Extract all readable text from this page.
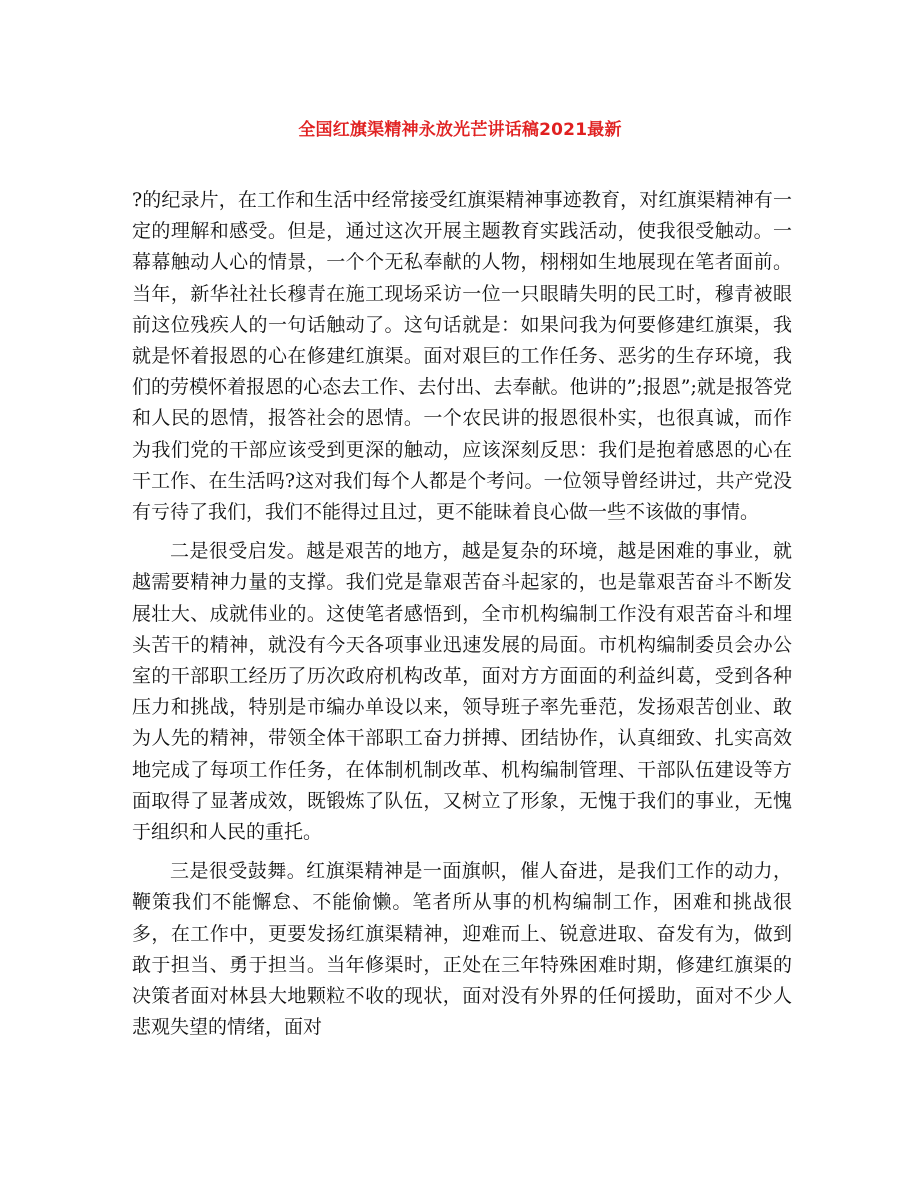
全国红旗渠精神永放光芒讲话稿2021最新

?的纪录片，在工作和生活中经常接受红旗渠精神事迹教育，对红旗渠精神有一定的理解和感受。但是，通过这次开展主题教育实践活动，使我很受触动。一幕幕触动人心的情景，一个个无私奉献的人物，栩栩如生地展现在笔者面前。当年，新华社社长穆青在施工现场采访一位一只眼睛失明的民工时，穆青被眼前这位残疾人的一句话触动了。这句话就是：如果问我为何要修建红旗渠，我就是怀着报恩的心在修建红旗渠。面对艰巨的工作任务、恶劣的生存环境，我们的劳模怀着报恩的心态去工作、去付出、去奉献。他讲的”;报恩”;就是报答党和人民的恩情，报答社会的恩情。一个农民讲的报恩很朴实，也很真诚，而作为我们党的干部应该受到更深的触动，应该深刻反思：我们是抱着感恩的心在干工作、在生活吗?这对我们每个人都是个考问。一位领导曾经讲过，共产党没有亏待了我们，我们不能得过且过，更不能昧着良心做一些不该做的事情。

二是很受启发。越是艰苦的地方，越是复杂的环境，越是困难的事业，就越需要精神力量的支撑。我们党是靠艰苦奋斗起家的，也是靠艰苦奋斗不断发展壮大、成就伟业的。这使笔者感悟到，全市机构编制工作没有艰苦奋斗和埋头苦干的精神，就没有今天各项事业迅速发展的局面。市机构编制委员会办公室的干部职工经历了历次政府机构改革，面对方方面面的利益纠葛，受到各种压力和挑战，特别是市编办单设以来，领导班子率先垂范，发扬艰苦创业、敢为人先的精神，带领全体干部职工奋力拼搏、团结协作，认真细致、扎实高效地完成了每项工作任务，在体制机制改革、机构编制管理、干部队伍建设等方面取得了显著成效，既锻炼了队伍，又树立了形象，无愧于我们的事业，无愧于组织和人民的重托。

三是很受鼓舞。红旗渠精神是一面旗帜，催人奋进，是我们工作的动力，鞭策我们不能懈怠、不能偷懒。笔者所从事的机构编制工作，困难和挑战很多，在工作中，更要发扬红旗渠精神，迎难而上、锐意进取、奋发有为，做到敢于担当、勇于担当。当年修渠时，正处在三年特殊困难时期，修建红旗渠的决策者面对林县大地颗粒不收的现状，面对没有外界的任何援助，面对不少人悲观失望的情绪，面对
